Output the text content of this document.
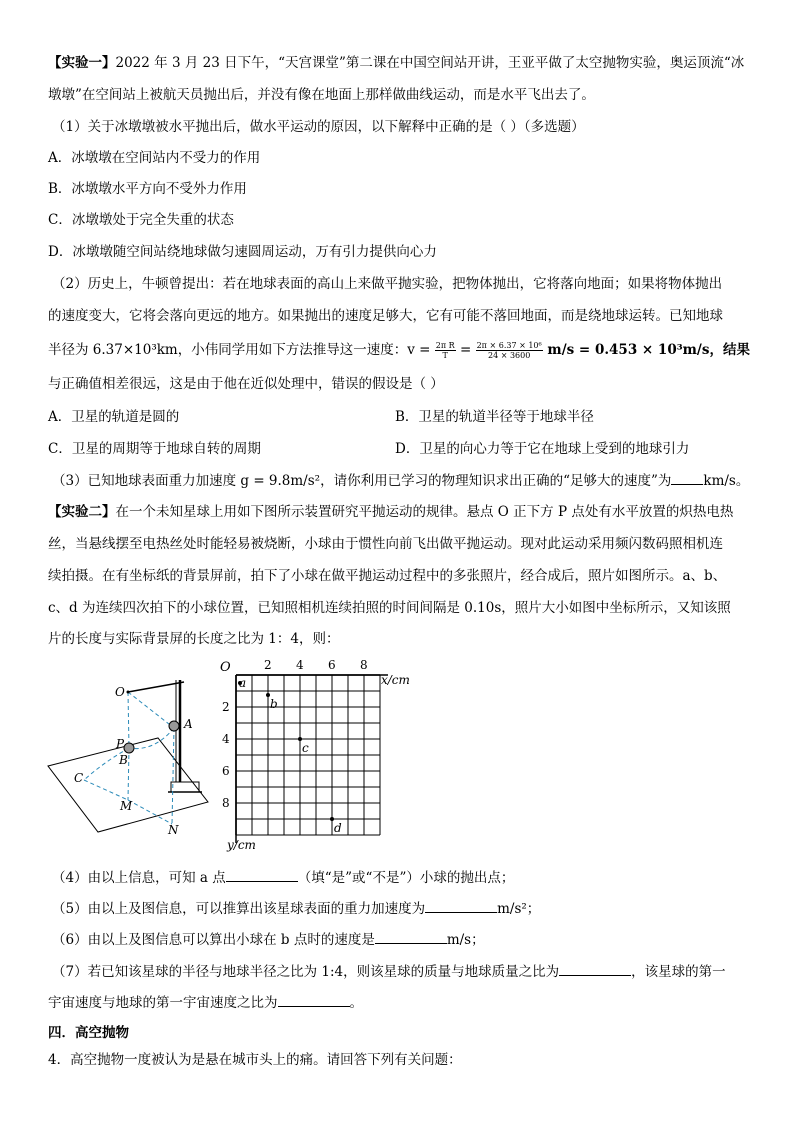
【实验一】2022 年 3 月 23 日下午，“天宫课堂”第二课在中国空间站开讲，王亚平做了太空抛物实验，奥运顶流“冰
墩墩”在空间站上被航天员抛出后，并没有像在地面上那样做曲线运动，而是水平飞出去了。
（1）关于冰墩墩被水平抛出后，做水平运动的原因，以下解释中正确的是（ ）（多选题）
A．冰墩墩在空间站内不受力的作用
B．冰墩墩水平方向不受外力作用
C．冰墩墩处于完全失重的状态
D．冰墩墩随空间站绕地球做匀速圆周运动，万有引力提供向心力
（2）历史上，牛顿曾提出：若在地球表面的高山上来做平抛实验，把物体抛出，它将落向地面；如果将物体抛出
的速度变大，它将会落向更远的地方。如果抛出的速度足够大，它有可能不落回地面，而是绕地球运转。已知地球
半径为 6.37×10³km，小伟同学用如下方法推导这一速度：$v = \frac{\text{2π R}}{T} = \frac{\text{2π × 6.37 × 10⁶}}{24 \times 3600} m/s = 0.453 \times 10^3m/s$，结果
与正确值相差很远，这是由于他在近似处理中，错误的假设是（ ）
A．卫星的轨道是圆的	B．卫星的轨道半径等于地球半径
C．卫星的周期等于地球自转的周期	D．卫星的向心力等于它在地球上受到的地球引力
（3）已知地球表面重力加速度 g = 9.8m/s²，请你利用已学习的物理知识求出正确的“足够大的速度”为 km/s。
【实验二】在一个未知星球上用如下图所示装置研究平抛运动的规律。悬点 O 正下方 P 点处有水平放置的炽热电热
丝，当悬线摆至电热丝处时能轻易被烧断，小球由于惯性向前飞出做平抛运动。现对此运动采用频闪数码照相机连
续拍摄。在有坐标纸的背景屏前，拍下了小球在做平抛运动过程中的多张照片，经合成后，照片如图所示。a、b、
c、d 为连续四次拍下的小球位置，已知照相机连续拍照的时间间隔是 0.10s，照片大小如图中坐标所示，又知该照
片的长度与实际背景屏的长度之比为 1：4，则：
O
A
P
B
C
M
N
O
x/cm
y/cm
2 4 6 8
2
4
6
8
a
b
c
d
（4）由以上信息，可知 a 点	（填“是”或“不是”）小球的抛出点；
（5）由以上及图信息，可以推算出该星球表面的重力加速度为	m/s²；
（6）由以上及图信息可以算出小球在 b 点时的速度是	m/s；
（7）若已知该星球的半径与地球半径之比为 1:4，则该星球的质量与地球质量之比为	，该星球的第一
宇宙速度与地球的第一宇宙速度之比为	。
四．高空抛物
4．高空抛物一度被认为是悬在城市头上的痛。请回答下列有关问题：
